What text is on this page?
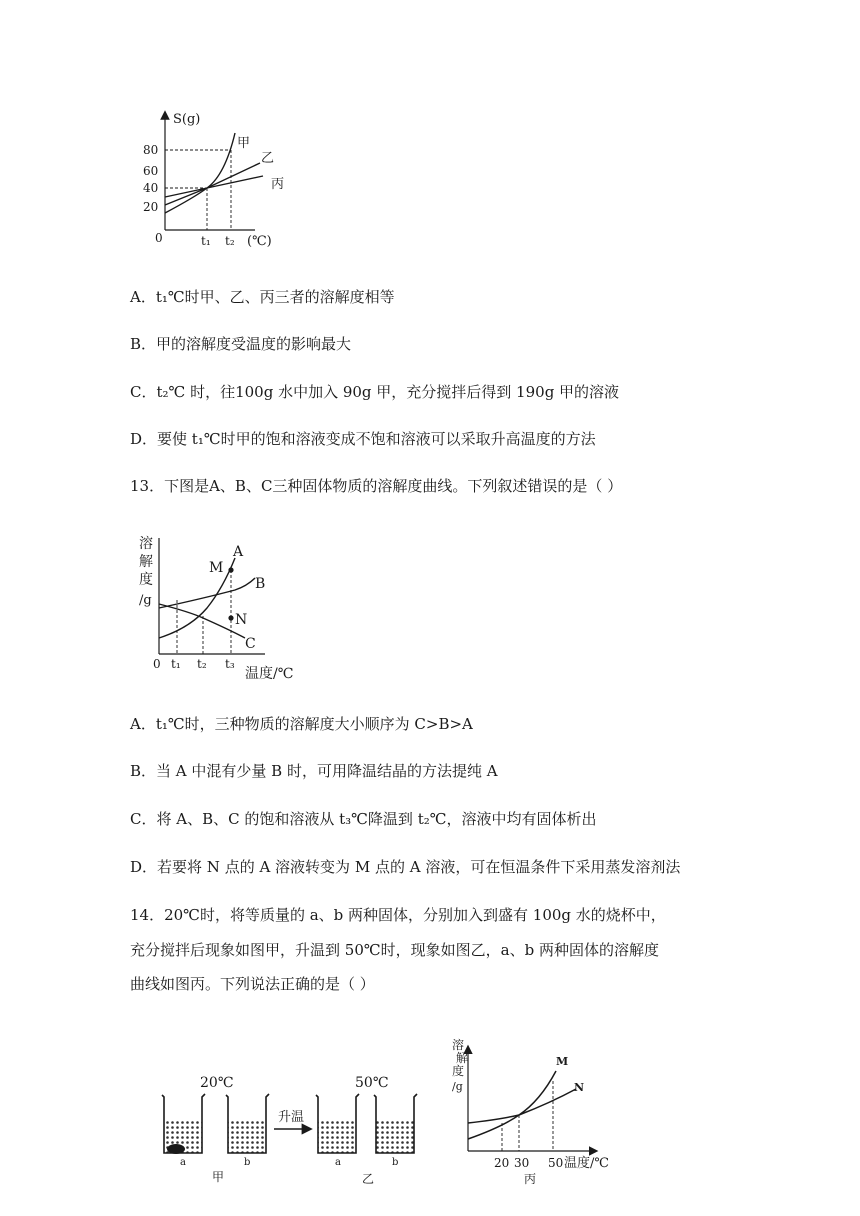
S(g)
80
60
40
20
0	t₁ t₂ (℃)
甲
乙
丙
A．t₁℃时甲、乙、丙三者的溶解度相等
B．甲的溶解度受温度的影响最大
C．t₂℃ 时，往100g 水中加入 90g 甲，充分搅拌后得到 190g 甲的溶液
D．要使 t₁℃时甲的饱和溶液变成不饱和溶液可以采取升高温度的方法
13．下图是A、B、C三种固体物质的溶解度曲线。下列叙述错误的是（ ）
溶
解
度
/g
A
B
C
M
N
0 t₁ t₂ t₃
温度/℃
A．t₁℃时，三种物质的溶解度大小顺序为 C>B>A
B．当 A 中混有少量 B 时，可用降温结晶的方法提纯 A
C．将 A、B、C 的饱和溶液从 t₃℃降温到 t₂℃，溶液中均有固体析出
D．若要将 N 点的 A 溶液转变为 M 点的 A 溶液，可在恒温条件下采用蒸发溶剂法
14．20℃时，将等质量的 a、b 两种固体，分别加入到盛有 100g 水的烧杯中，
充分搅拌后现象如图甲，升温到 50℃时，现象如图乙，a、b 两种固体的溶解度
曲线如图丙。下列说法正确的是（ ）
20℃	50℃
升温
a	b	a	b
甲	乙	丙
溶
解
度
/g
M
N
20 30 50 温度/℃
